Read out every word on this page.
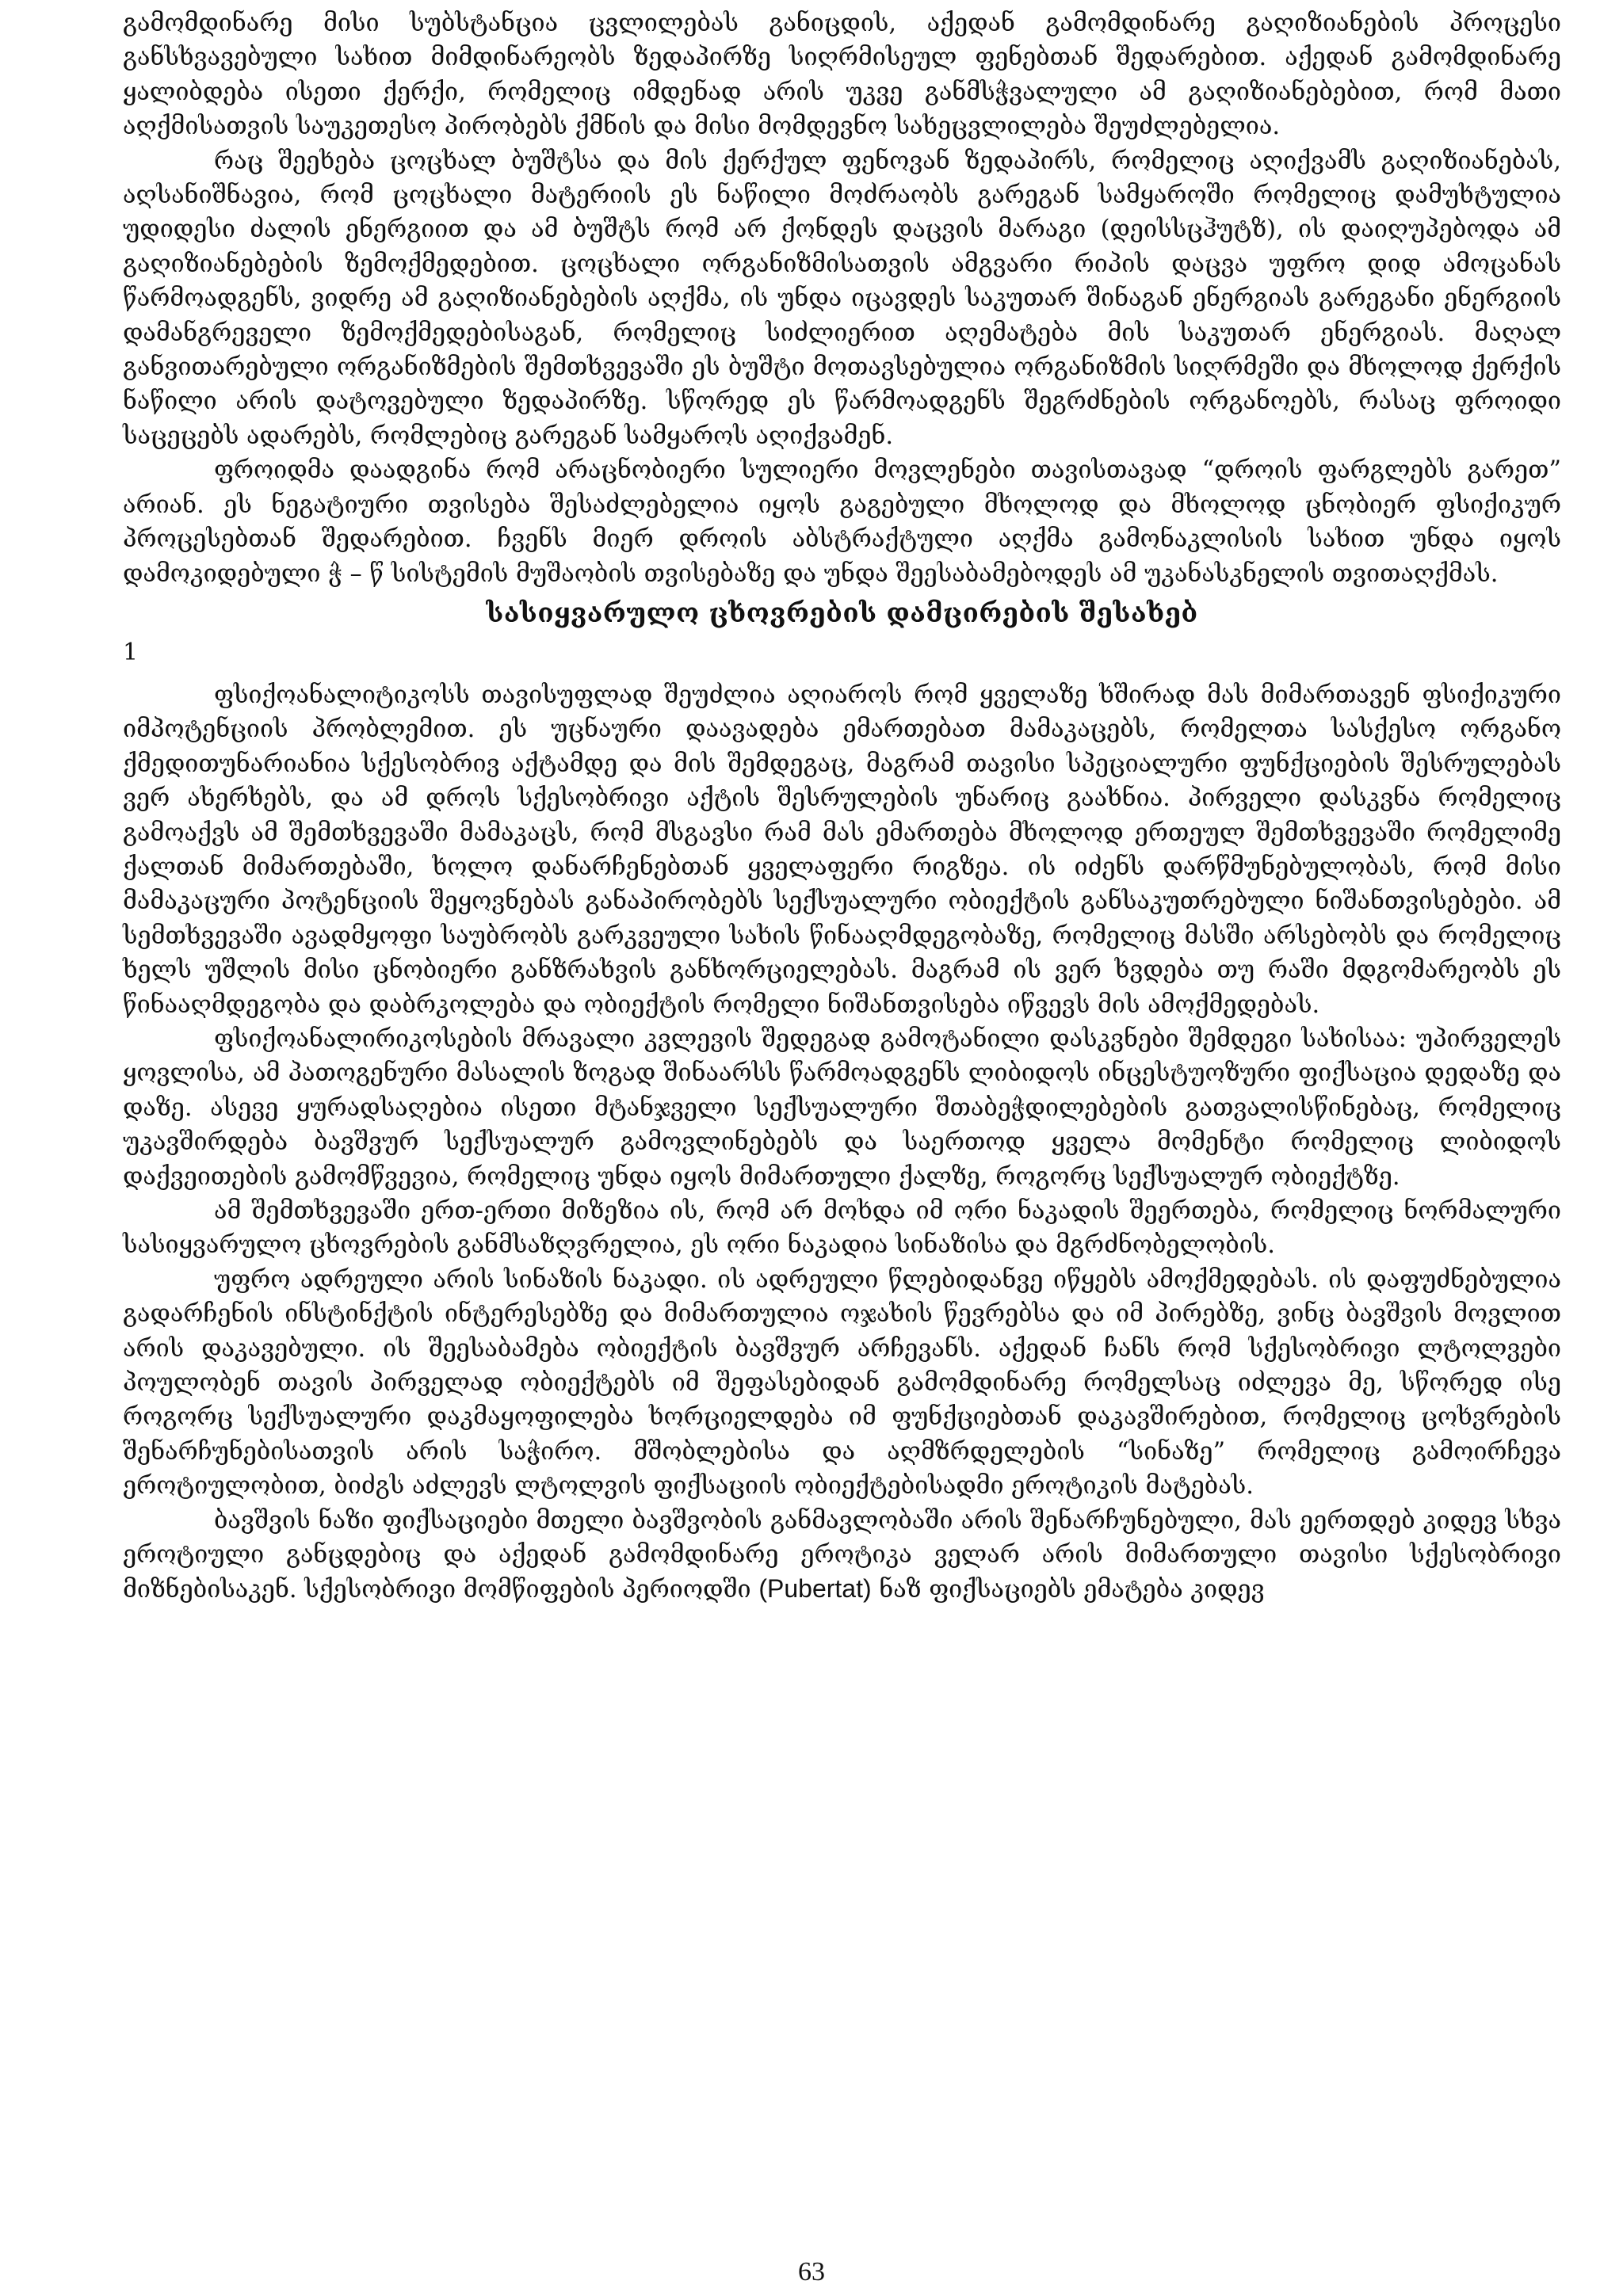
გამომდინარე მისი სუბსტანცია ცვლილებას განიცდის, აქედან გამომდინარე გაღიზიანების პროცესი განსხვავებული სახით მიმდინარეობს ზედაპირზე სიღრმისეულ ფენებთან შედარებით. აქედან გამომდინარე ყალიბდება ისეთი ქერქი, რომელიც იმდენად არის უკვე განმსჭვალული ამ გაღიზიანებებით, რომ მათი აღქმისათვის საუკეთესო პირობებს ქმნის და მისი მომდევნო სახეცვლილება შეუძლებელია.

რაც შეეხება ცოცხალ ბუშტსა და მის ქერქულ ფენოვან ზედაპირს, რომელიც აღიქვამს გაღიზიანებას, აღსანიშნავია, რომ ცოცხალი მატერიის ეს ნაწილი მოძრაობს გარეგან სამყაროში რომელიც დამუხტულია უდიდესი ძალის ენერგიით და ამ ბუშტს რომ არ ქონდეს დაცვის მარაგი (დეისსცჰუტზ), ის დაიღუპებოდა ამ გაღიზიანებების ზემოქმედებით. ცოცხალი ორგანიზმისათვის ამგვარი რიპის დაცვა უფრო დიდ ამოცანას წარმოადგენს, ვიდრე ამ გაღიზიანებების აღქმა, ის უნდა იცავდეს საკუთარ შინაგან ენერგიას გარეგანი ენერგიის დამანგრეველი ზემოქმედებისაგან, რომელიც სიძლიერით აღემატება მის საკუთარ ენერგიას. მაღალ განვითარებული ორგანიზმების შემთხვევაში ეს ბუშტი მოთავსებულია ორგანიზმის სიღრმეში და მხოლოდ ქერქის ნაწილი არის დატოვებული ზედაპირზე. სწორედ ეს წარმოადგენს შეგრძნების ორგანოებს, რასაც ფროიდი საცეცებს ადარებს, რომლებიც გარეგან სამყაროს აღიქვამენ.

ფროიდმა დაადგინა რომ არაცნობიერი სულიერი მოვლენები თავისთავად “დროის ფარგლებს გარეთ” არიან. ეს ნეგატიური თვისება შესაძლებელია იყოს გაგებული მხოლოდ და მხოლოდ ცნობიერ ფსიქიკურ პროცესებთან შედარებით. ჩვენს მიერ დროის აბსტრაქტული აღქმა გამონაკლისის სახით უნდა იყოს დამოკიდებული ჭ – წ სისტემის მუშაობის თვისებაზე და უნდა შეესაბამებოდეს ამ უკანასკნელის თვითაღქმას.

სასიყვარულო ცხოვრების დამცირების შესახებ
1

ფსიქოანალიტიკოსს თავისუფლად შეუძლია აღიაროს რომ ყველაზე ხშირად მას მიმართავენ ფსიქიკური იმპოტენციის პრობლემით. ეს უცნაური დაავადება ემართებათ მამაკაცებს, რომელთა სასქესო ორგანო ქმედითუნარიანია სქესობრივ აქტამდე და მის შემდეგაც, მაგრამ თავისი სპეციალური ფუნქციების შესრულებას ვერ ახერხებს, და ამ დროს სქესობრივი აქტის შესრულების უნარიც გაახნია. პირველი დასკვნა რომელიც გამოაქვს ამ შემთხვევაში მამაკაცს, რომ მსგავსი რამ მას ემართება მხოლოდ ერთეულ შემთხვევაში რომელიმე ქალთან მიმართებაში, ხოლო დანარჩენებთან ყველაფერი რიგზეა. ის იძენს დარწმუნებულობას, რომ მისი მამაკაცური პოტენციის შეყოვნებას განაპირობებს სექსუალური ობიექტის განსაკუთრებული ნიშანთვისებები. ამ სემთხვევაში ავადმყოფი საუბრობს გარკვეული სახის წინააღმდეგობაზე, რომელიც მასში არსებობს და რომელიც ხელს უშლის მისი ცნობიერი განზრახვის განხორციელებას. მაგრამ ის ვერ ხვდება თუ რაში მდგომარეობს ეს წინააღმდეგობა და დაბრკოლება და ობიექტის რომელი ნიშანთვისება იწვევს მის ამოქმედებას.

ფსიქოანალირიკოსების მრავალი კვლევის შედეგად გამოტანილი დასკვნები შემდეგი სახისაა: უპირველეს ყოვლისა, ამ პათოგენური მასალის ზოგად შინაარსს წარმოადგენს ლიბიდოს ინცესტუოზური ფიქსაცია დედაზე და დაზე. ასევე ყურადსაღებია ისეთი მტანჯველი სექსუალური შთაბეჭდილებების გათვალისწინებაც, რომელიც უკავშირდება ბავშვურ სექსუალურ გამოვლინებებს და საერთოდ ყველა მომენტი რომელიც ლიბიდოს დაქვეითების გამომწვევია, რომელიც უნდა იყოს მიმართული ქალზე, როგორც სექსუალურ ობიექტზე.

ამ შემთხვევაში ერთ-ერთი მიზეზია ის, რომ არ მოხდა იმ ორი ნაკადის შეერთება, რომელიც ნორმალური სასიყვარულო ცხოვრების განმსაზღვრელია, ეს ორი ნაკადია სინაზისა და მგრძნობელობის.

უფრო ადრეული არის სინაზის ნაკადი. ის ადრეული წლებიდანვე იწყებს ამოქმედებას. ის დაფუძნებულია გადარჩენის ინსტინქტის ინტერესებზე და მიმართულია ოჯახის წევრებსა და იმ პირებზე, ვინც ბავშვის მოვლით არის დაკავებული. ის შეესაბამება ობიექტის ბავშვურ არჩევანს. აქედან ჩანს რომ სქესობრივი ლტოლვები პოულობენ თავის პირველად ობიექტებს იმ შეფასებიდან გამომდინარე რომელსაც იძლევა მე, სწორედ ისე როგორც სექსუალური დაკმაყოფილება ხორციელდება იმ ფუნქციებთან დაკავშირებით, რომელიც ცოხვრების შენარჩუნებისათვის არის საჭირო. მშობლებისა და აღმზრდელების “სინაზე” რომელიც გამოირჩევა ეროტიულობით, ბიძგს აძლევს ლტოლვის ფიქსაციის ობიექტებისადმი ეროტიკის მატებას.

ბავშვის ნაზი ფიქსაციები მთელი ბავშვობის განმავლობაში არის შენარჩუნებული, მას ეერთდებ კიდევ სხვა ეროტიული განცდებიც და აქედან გამომდინარე ეროტიკა ველარ არის მიმართული თავისი სქესობრივი მიზნებისაკენ. სქესობრივი მომწიფების პერიოდში (Pubertat) ნაზ ფიქსაციებს ემატება კიდევ

63
